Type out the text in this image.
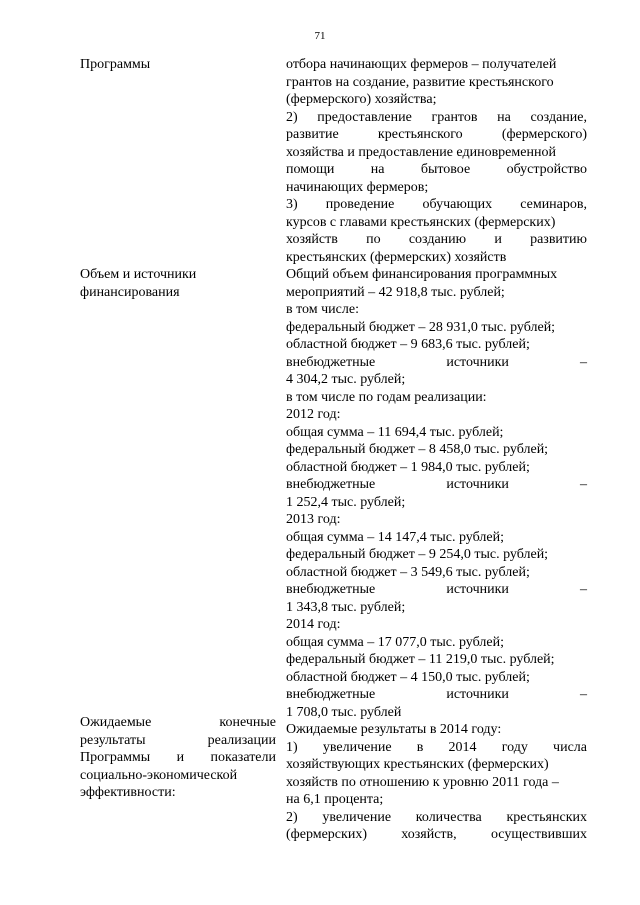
71
Программы
Объем и источники
финансирования
Ожидаемые конечные
результаты реализации
Программы и показатели
социально-экономической
эффективности:
отбора начинающих фермеров – получателей
грантов на создание, развитие крестьянского
(фермерского) хозяйства;
2) предоставление грантов на создание,
развитие крестьянского (фермерского)
хозяйства и предоставление единовременной
помощи на бытовое обустройство
начинающих фермеров;
3) проведение обучающих семинаров,
курсов с главами крестьянских (фермерских)
хозяйств по созданию и развитию
крестьянских (фермерских) хозяйств
Общий объем финансирования программных
мероприятий – 42 918,8 тыс. рублей;
в том числе:
федеральный бюджет – 28 931,0 тыс. рублей;
областной бюджет – 9 683,6 тыс. рублей;
внебюджетные источники –
4 304,2 тыс. рублей;
в том числе по годам реализации:
2012 год:
общая сумма – 11 694,4 тыс. рублей;
федеральный бюджет – 8 458,0 тыс. рублей;
областной бюджет – 1 984,0 тыс. рублей;
внебюджетные источники –
1 252,4 тыс. рублей;
2013 год:
общая сумма – 14 147,4 тыс. рублей;
федеральный бюджет – 9 254,0 тыс. рублей;
областной бюджет – 3 549,6 тыс. рублей;
внебюджетные источники –
1 343,8 тыс. рублей;
2014 год:
общая сумма – 17 077,0 тыс. рублей;
федеральный бюджет – 11 219,0 тыс. рублей;
областной бюджет – 4 150,0 тыс. рублей;
внебюджетные источники –
1 708,0 тыс. рублей
Ожидаемые результаты в 2014 году:
1) увеличение в 2014 году числа
хозяйствующих крестьянских (фермерских)
хозяйств по отношению к уровню 2011 года –
на 6,1 процента;
2) увеличение количества крестьянских
(фермерских) хозяйств, осуществивших
